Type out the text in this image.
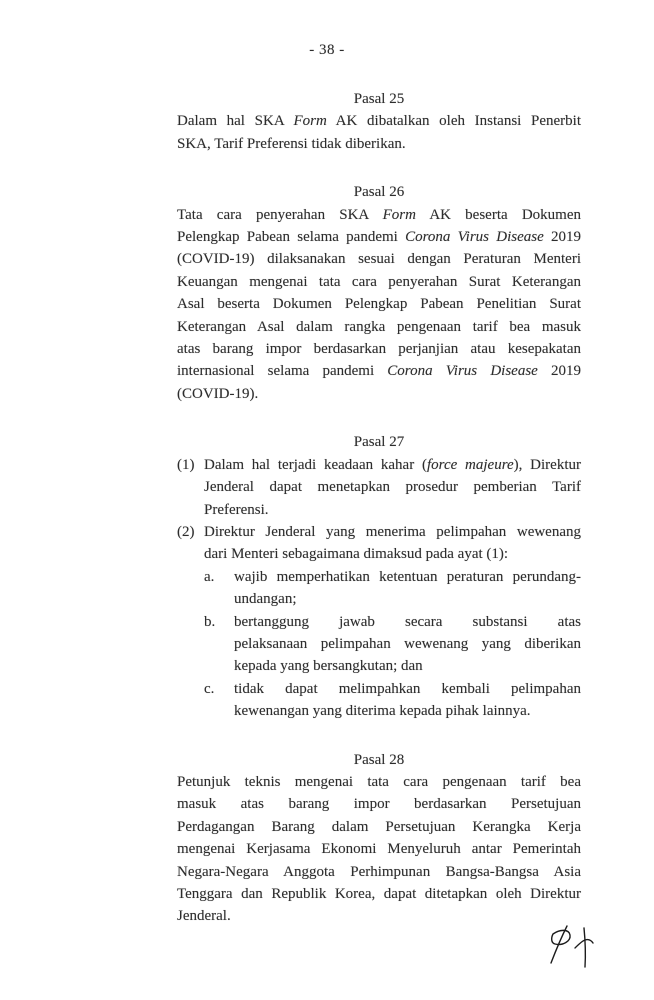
- 38 -
Pasal 25
Dalam hal SKA Form AK dibatalkan oleh Instansi Penerbit
SKA, Tarif Preferensi tidak diberikan.
Pasal 26
Tata cara penyerahan SKA Form AK beserta Dokumen
Pelengkap Pabean selama pandemi Corona Virus Disease 2019
(COVID-19) dilaksanakan sesuai dengan Peraturan Menteri
Keuangan mengenai tata cara penyerahan Surat Keterangan
Asal beserta Dokumen Pelengkap Pabean Penelitian Surat
Keterangan Asal dalam rangka pengenaan tarif bea masuk
atas barang impor berdasarkan perjanjian atau kesepakatan
internasional selama pandemi Corona Virus Disease 2019
(COVID-19).
Pasal 27
(1) Dalam hal terjadi keadaan kahar (force majeure), Direktur
Jenderal dapat menetapkan prosedur pemberian Tarif
Preferensi.
(2) Direktur Jenderal yang menerima pelimpahan wewenang
dari Menteri sebagaimana dimaksud pada ayat (1):
a.	wajib memperhatikan ketentuan peraturan perundang-
undangan;
b.	bertanggung jawab secara substansi atas
pelaksanaan pelimpahan wewenang yang diberikan
kepada yang bersangkutan; dan
c.	tidak dapat melimpahkan kembali pelimpahan
kewenangan yang diterima kepada pihak lainnya.
Pasal 28
Petunjuk teknis mengenai tata cara pengenaan tarif bea
masuk atas barang impor berdasarkan Persetujuan
Perdagangan Barang dalam Persetujuan Kerangka Kerja
mengenai Kerjasama Ekonomi Menyeluruh antar Pemerintah
Negara-Negara Anggota Perhimpunan Bangsa-Bangsa Asia
Tenggara dan Republik Korea, dapat ditetapkan oleh Direktur
Jenderal.
